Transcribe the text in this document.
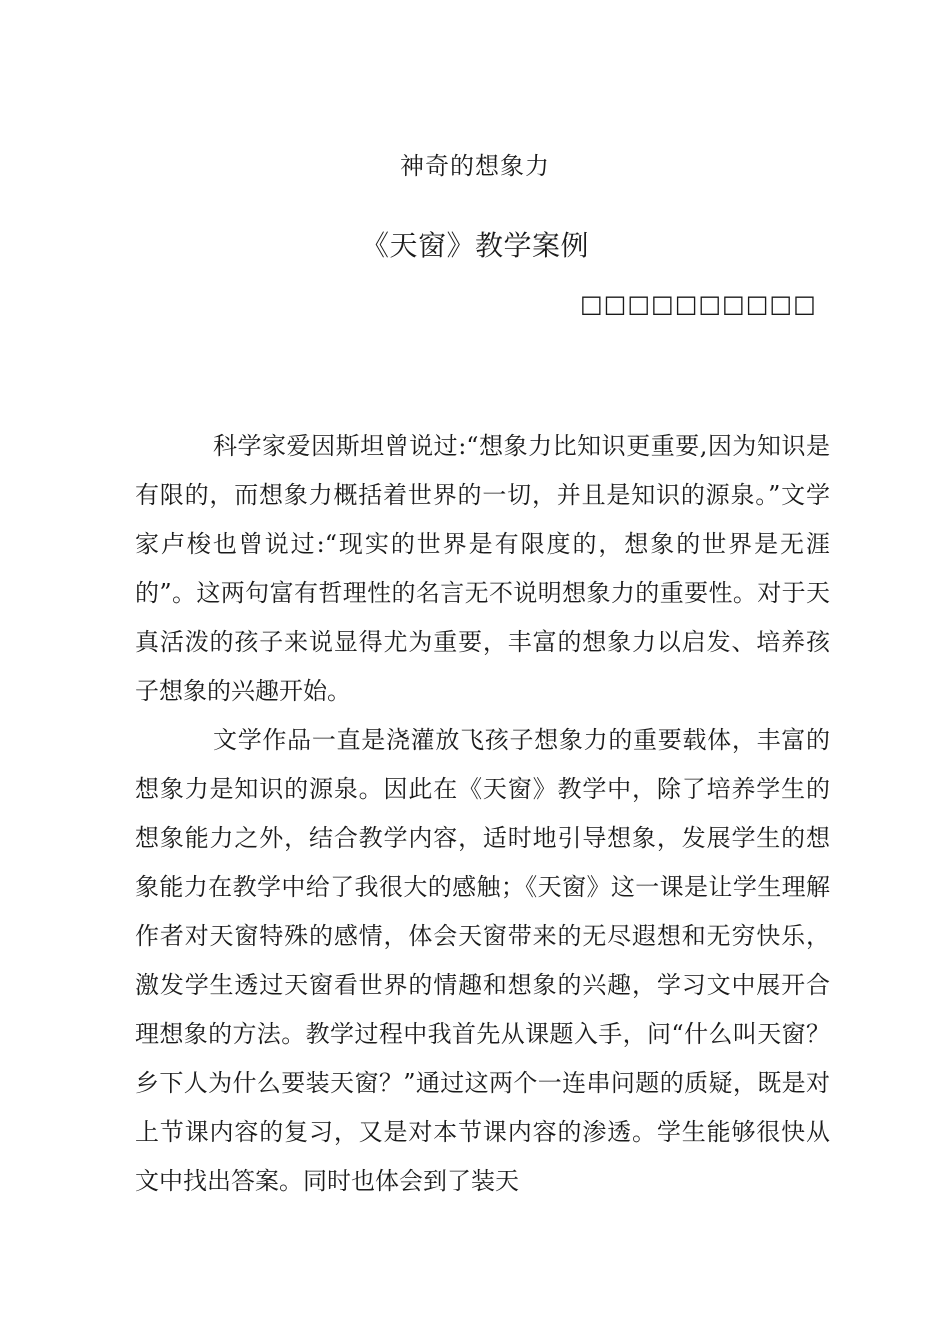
神奇的想象力
《天窗》教学案例
□□□□□□□□□□

科学家爱因斯坦曾说过:“想象力比知识更重要,因为知识是有限的，而想象力概括着世界的一切，并且是知识的源泉。”文学家卢梭也曾说过:“现实的世界是有限度的，想象的世界是无涯的”。这两句富有哲理性的名言无不说明想象力的重要性。对于天真活泼的孩子来说显得尤为重要，丰富的想象力以启发、培养孩子想象的兴趣开始。

文学作品一直是浇灌放飞孩子想象力的重要载体，丰富的想象力是知识的源泉。因此在《天窗》教学中，除了培养学生的想象能力之外，结合教学内容，适时地引导想象，发展学生的想象能力在教学中给了我很大的感触；《天窗》这一课是让学生理解作者对天窗特殊的感情，体会天窗带来的无尽遐想和无穷快乐，激发学生透过天窗看世界的情趣和想象的兴趣，学习文中展开合理想象的方法。教学过程中我首先从课题入手，问“什么叫天窗？乡下人为什么要装天窗？”通过这两个一连串问题的质疑，既是对上节课内容的复习，又是对本节课内容的渗透。学生能够很快从文中找出答案。同时也体会到了装天
